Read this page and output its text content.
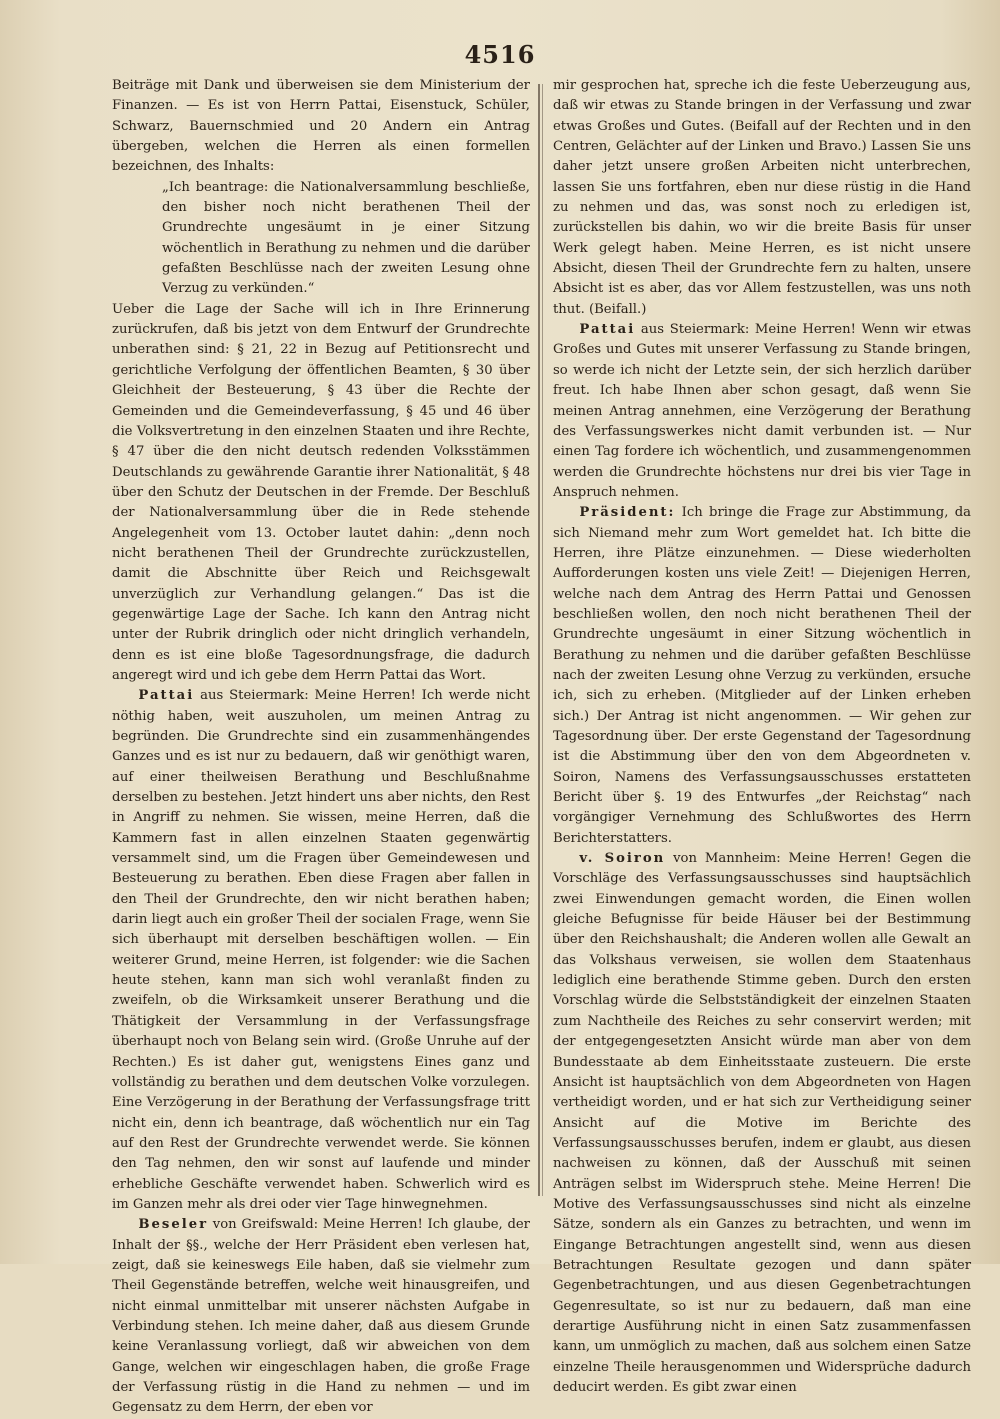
4516

Beiträge mit Dank und überweisen sie dem Ministerium der Finanzen. — Es ist von Herrn Pattai, Eisenstuck, Schüler, Schwarz, Bauernschmied und 20 Andern ein Antrag übergeben, welchen die Herren als einen formellen bezeichnen, des Inhalts:

„Ich beantrage: die Nationalversammlung beschließe, den bisher noch nicht berathenen Theil der Grundrechte ungesäumt in je einer Sitzung wöchentlich in Berathung zu nehmen und die darüber gefaßten Beschlüsse nach der zweiten Lesung ohne Verzug zu verkünden.“

Ueber die Lage der Sache will ich in Ihre Erinnerung zurückrufen, daß bis jetzt von dem Entwurf der Grundrechte unberathen sind: § 21, 22 in Bezug auf Petitionsrecht und gerichtliche Verfolgung der öffentlichen Beamten, § 30 über Gleichheit der Besteuerung, § 43 über die Rechte der Gemeinden und die Gemeindeverfassung, § 45 und 46 über die Volksvertretung in den einzelnen Staaten und ihre Rechte, § 47 über die den nicht deutsch redenden Volksstämmen Deutschlands zu gewährende Garantie ihrer Nationalität, § 48 über den Schutz der Deutschen in der Fremde. Der Beschluß der Nationalversammlung über die in Rede stehende Angelegenheit vom 13. October lautet dahin: „denn noch nicht berathenen Theil der Grundrechte zurückzustellen, damit die Abschnitte über Reich und Reichsgewalt unverzüglich zur Verhandlung gelangen.“ Das ist die gegenwärtige Lage der Sache. Ich kann den Antrag nicht unter der Rubrik dringlich oder nicht dringlich verhandeln, denn es ist eine bloße Tagesordnungsfrage, die dadurch angeregt wird und ich gebe dem Herrn Pattai das Wort.

Pattai aus Steiermark: Meine Herren! Ich werde nicht nöthig haben, weit auszuholen, um meinen Antrag zu begründen. Die Grundrechte sind ein zusammenhängendes Ganzes und es ist nur zu bedauern, daß wir genöthigt waren, auf einer theilweisen Berathung und Beschlußnahme derselben zu bestehen. Jetzt hindert uns aber nichts, den Rest in Angriff zu nehmen. Sie wissen, meine Herren, daß die Kammern fast in allen einzelnen Staaten gegenwärtig versammelt sind, um die Fragen über Gemeindewesen und Besteuerung zu berathen. Eben diese Fragen aber fallen in den Theil der Grundrechte, den wir nicht berathen haben; darin liegt auch ein großer Theil der socialen Frage, wenn Sie sich überhaupt mit derselben beschäftigen wollen. — Ein weiterer Grund, meine Herren, ist folgender: wie die Sachen heute stehen, kann man sich wohl veranlaßt finden zu zweifeln, ob die Wirksamkeit unserer Berathung und die Thätigkeit der Versammlung in der Verfassungsfrage überhaupt noch von Belang sein wird. (Große Unruhe auf der Rechten.) Es ist daher gut, wenigstens Eines ganz und vollständig zu berathen und dem deutschen Volke vorzulegen. Eine Verzögerung in der Berathung der Verfassungsfrage tritt nicht ein, denn ich beantrage, daß wöchentlich nur ein Tag auf den Rest der Grundrechte verwendet werde. Sie können den Tag nehmen, den wir sonst auf laufende und minder erhebliche Geschäfte verwendet haben. Schwerlich wird es im Ganzen mehr als drei oder vier Tage hinwegnehmen.

Beseler von Greifswald: Meine Herren! Ich glaube, der Inhalt der §§., welche der Herr Präsident eben verlesen hat, zeigt, daß sie keineswegs Eile haben, daß sie vielmehr zum Theil Gegenstände betreffen, welche weit hinausgreifen, und nicht einmal unmittelbar mit unserer nächsten Aufgabe in Verbindung stehen. Ich meine daher, daß aus diesem Grunde keine Veranlassung vorliegt, daß wir abweichen von dem Gange, welchen wir eingeschlagen haben, die große Frage der Verfassung rüstig in die Hand zu nehmen — und im Gegensatz zu dem Herrn, der eben vor

mir gesprochen hat, spreche ich die feste Ueberzeugung aus, daß wir etwas zu Stande bringen in der Verfassung und zwar etwas Großes und Gutes. (Beifall auf der Rechten und in den Centren, Gelächter auf der Linken und Bravo.) Lassen Sie uns daher jetzt unsere großen Arbeiten nicht unterbrechen, lassen Sie uns fortfahren, eben nur diese rüstig in die Hand zu nehmen und das, was sonst noch zu erledigen ist, zurückstellen bis dahin, wo wir die breite Basis für unser Werk gelegt haben. Meine Herren, es ist nicht unsere Absicht, diesen Theil der Grundrechte fern zu halten, unsere Absicht ist es aber, das vor Allem festzustellen, was uns noth thut. (Beifall.)

Pattai aus Steiermark: Meine Herren! Wenn wir etwas Großes und Gutes mit unserer Verfassung zu Stande bringen, so werde ich nicht der Letzte sein, der sich herzlich darüber freut. Ich habe Ihnen aber schon gesagt, daß wenn Sie meinen Antrag annehmen, eine Verzögerung der Berathung des Verfassungswerkes nicht damit verbunden ist. — Nur einen Tag fordere ich wöchentlich, und zusammengenommen werden die Grundrechte höchstens nur drei bis vier Tage in Anspruch nehmen.

Präsident: Ich bringe die Frage zur Abstimmung, da sich Niemand mehr zum Wort gemeldet hat. Ich bitte die Herren, ihre Plätze einzunehmen. — Diese wiederholten Aufforderungen kosten uns viele Zeit! — Diejenigen Herren, welche nach dem Antrag des Herrn Pattai und Genossen beschließen wollen, den noch nicht berathenen Theil der Grundrechte ungesäumt in einer Sitzung wöchentlich in Berathung zu nehmen und die darüber gefaßten Beschlüsse nach der zweiten Lesung ohne Verzug zu verkünden, ersuche ich, sich zu erheben. (Mitglieder auf der Linken erheben sich.) Der Antrag ist nicht angenommen. — Wir gehen zur Tagesordnung über. Der erste Gegenstand der Tagesordnung ist die Abstimmung über den von dem Abgeordneten v. Soiron, Namens des Verfassungsausschusses erstatteten Bericht über §. 19 des Entwurfes „der Reichstag“ nach vorgängiger Vernehmung des Schlußwortes des Herrn Berichterstatters.

v. Soiron von Mannheim: Meine Herren! Gegen die Vorschläge des Verfassungsausschusses sind hauptsächlich zwei Einwendungen gemacht worden, die Einen wollen gleiche Befugnisse für beide Häuser bei der Bestimmung über den Reichshaushalt; die Anderen wollen alle Gewalt an das Volkshaus verweisen, sie wollen dem Staatenhaus lediglich eine berathende Stimme geben. Durch den ersten Vorschlag würde die Selbstständigkeit der einzelnen Staaten zum Nachtheile des Reiches zu sehr conservirt werden; mit der entgegengesetzten Ansicht würde man aber von dem Bundesstaate ab dem Einheitsstaate zusteuern. Die erste Ansicht ist hauptsächlich von dem Abgeordneten von Hagen vertheidigt worden, und er hat sich zur Vertheidigung seiner Ansicht auf die Motive im Berichte des Verfassungsausschusses berufen, indem er glaubt, aus diesen nachweisen zu können, daß der Ausschuß mit seinen Anträgen selbst im Widerspruch stehe. Meine Herren! Die Motive des Verfassungsausschusses sind nicht als einzelne Sätze, sondern als ein Ganzes zu betrachten, und wenn im Eingange Betrachtungen angestellt sind, wenn aus diesen Betrachtungen Resultate gezogen und dann später Gegenbetrachtungen, und aus diesen Gegenbetrachtungen Gegenresultate, so ist nur zu bedauern, daß man eine derartige Ausführung nicht in einen Satz zusammenfassen kann, um unmöglich zu machen, daß aus solchem einen Satze einzelne Theile herausgenommen und Widersprüche dadurch deducirt werden. Es gibt zwar einen
